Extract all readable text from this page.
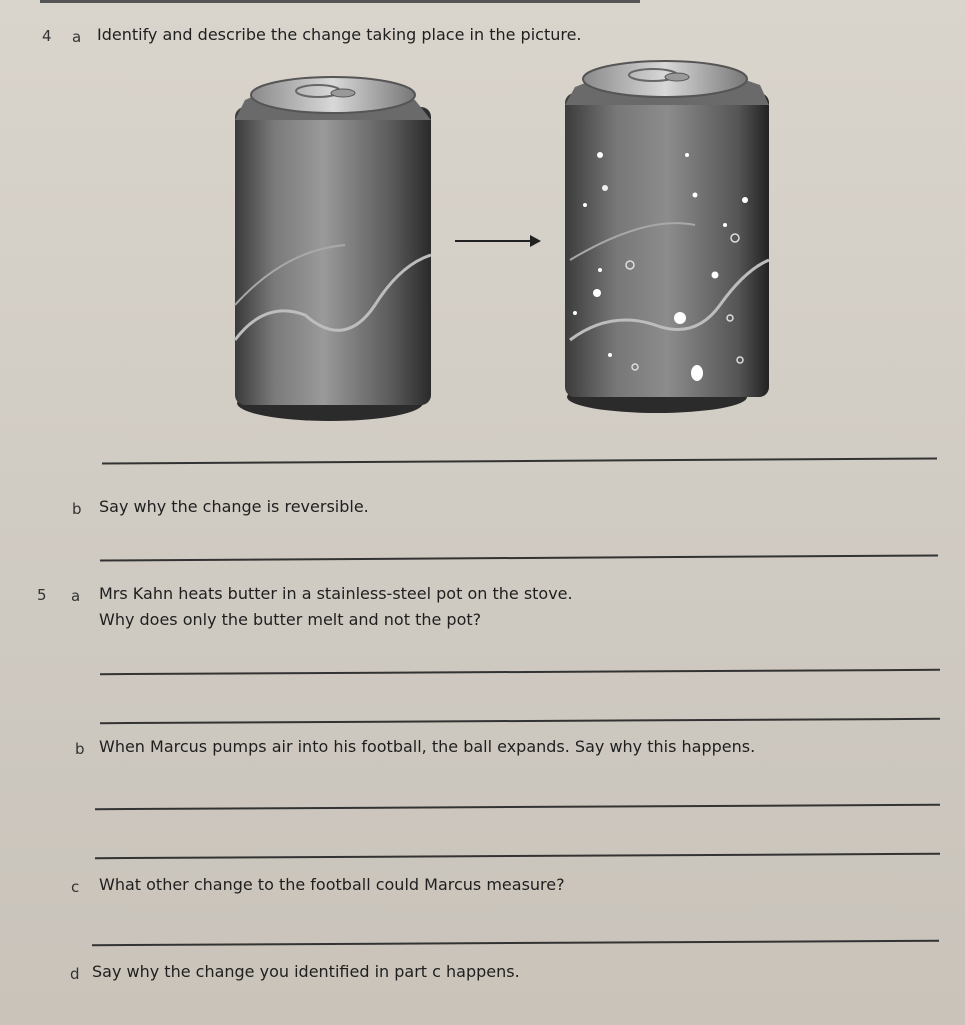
4 a Identify and describe the change taking place in the picture.
b Say why the change is reversible.
5 a Mrs Kahn heats butter in a stainless-steel pot on the stove.
Why does only the butter melt and not the pot?
b When Marcus pumps air into his football, the ball expands. Say why this happens.
c What other change to the football could Marcus measure?
d Say why the change you identified in part c happens.
